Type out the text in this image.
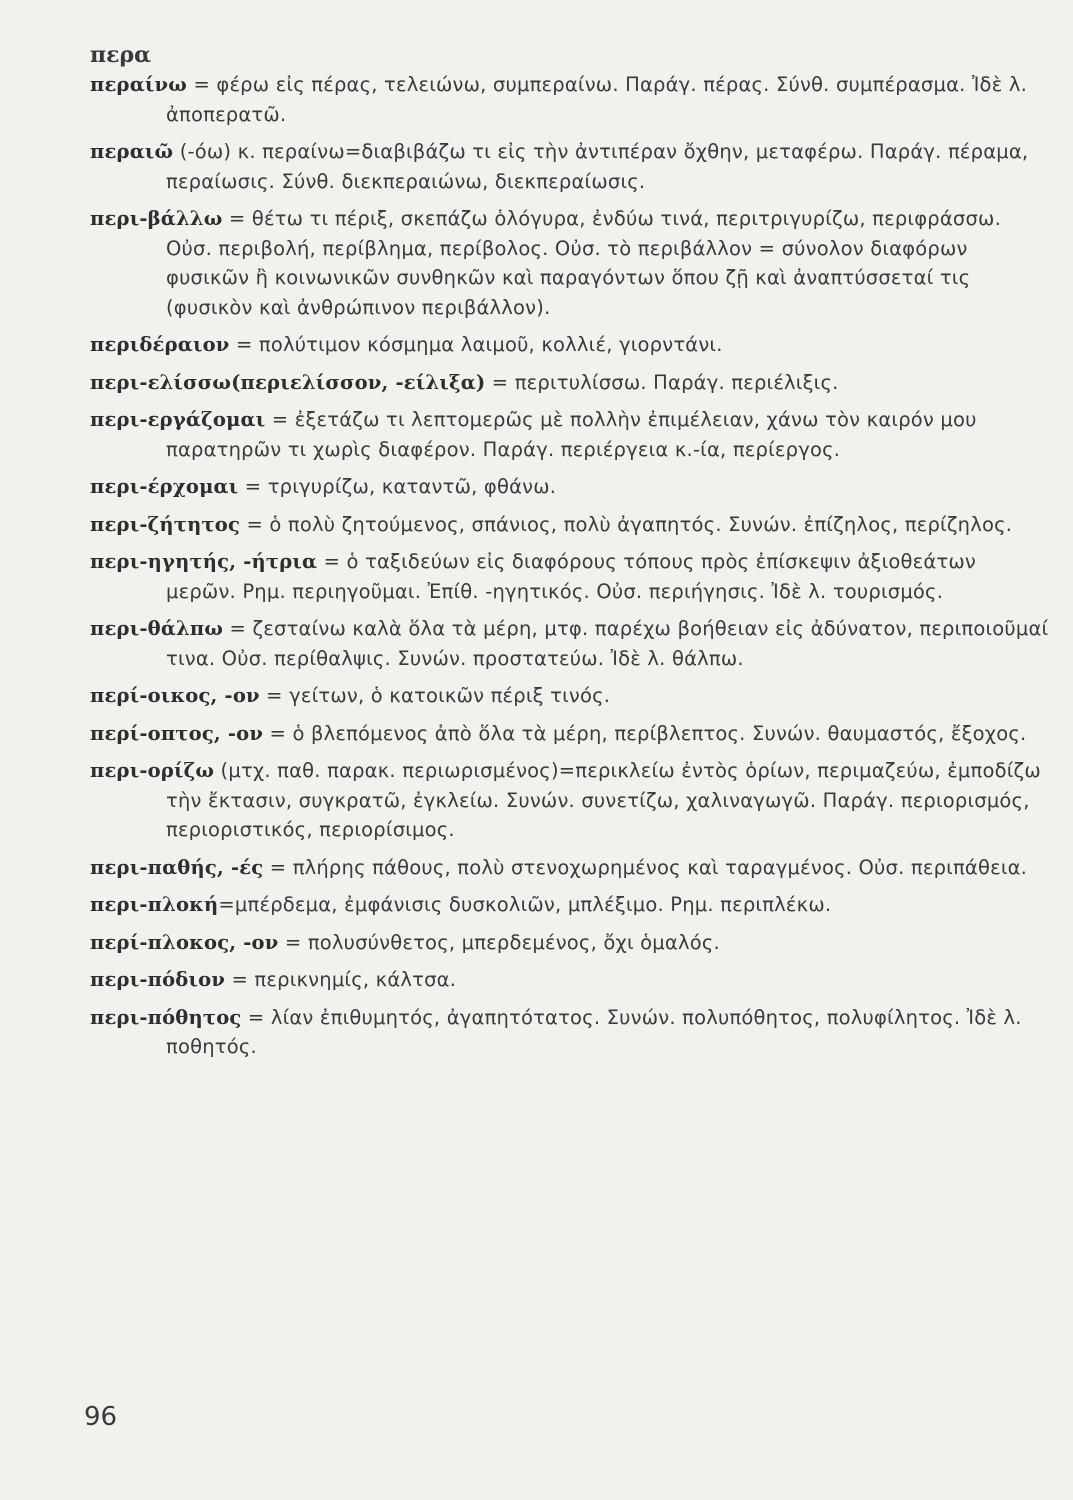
περα
περαίνω = φέρω εἰς πέρας, τελειώνω, συμπεραίνω. Παράγ. πέρας. Σύνθ. συμπέρασμα. Ἰδὲ λ. ἀποπερατῶ.
περαιῶ (-όω) κ. περαίνω=διαβιβάζω τι εἰς τὴν ἀντιπέραν ὄχθην, μεταφέρω. Παράγ. πέραμα, περαίωσις. Σύνθ. διεκπεραιώνω, διεκπεραίωσις.
περι-βάλλω = θέτω τι πέριξ, σκεπάζω ὁλόγυρα, ἐνδύω τινά, περιτριγυρίζω, περιφράσσω. Οὐσ. περιβολή, περίβλημα, περίβολος. Οὐσ. τὸ περιβάλλον = σύνολον διαφόρων φυσικῶν ἢ κοινωνικῶν συνθηκῶν καὶ παραγόντων ὅπου ζῇ καὶ ἀναπτύσσεταί τις (φυσικὸν καὶ ἀνθρώπινον περιβάλλον).
περιδέραιον = πολύτιμον κόσμημα λαιμοῦ, κολλιέ, γιορντάνι.
περι-ελίσσω(περιελίσσον, -είλιξα) = περιτυλίσσω. Παράγ. περιέλιξις.
περι-εργάζομαι = ἐξετάζω τι λεπτομερῶς μὲ πολλὴν ἐπιμέλειαν, χάνω τὸν καιρόν μου παρατηρῶν τι χωρὶς διαφέρον. Παράγ. περιέργεια κ.-ία, περίεργος.
περι-έρχομαι = τριγυρίζω, καταντῶ, φθάνω.
περι-ζήτητος = ὁ πολὺ ζητούμενος, σπάνιος, πολὺ ἀγαπητός. Συνών. ἐπίζηλος, περίζηλος.
περι-ηγητής, -ήτρια = ὁ ταξιδεύων εἰς διαφόρους τόπους πρὸς ἐπίσκεψιν ἀξιοθεάτων μερῶν. Ρημ. περιηγοῦμαι. Ἐπίθ. -ηγητικός. Οὐσ. περιήγησις. Ἰδὲ λ. τουρισμός.
περι-θάλπω = ζεσταίνω καλὰ ὅλα τὰ μέρη, μτφ. παρέχω βοήθειαν εἰς ἀδύνατον, περιποιοῦμαί τινα. Οὐσ. περίθαλψις. Συνών. προστατεύω. Ἰδὲ λ. θάλπω.
περί-οικος, -ον = γείτων, ὁ κατοικῶν πέριξ τινός.
περί-οπτος, -ον = ὁ βλεπόμενος ἀπὸ ὅλα τὰ μέρη, περίβλεπτος. Συνών. θαυμαστός, ἔξοχος.
περι-ορίζω (μτχ. παθ. παρακ. περιωρισμένος)=περικλείω ἐντὸς ὁρίων, περιμαζεύω, ἐμποδίζω τὴν ἔκτασιν, συγκρατῶ, ἐγκλείω. Συνών. συνετίζω, χαλιναγωγῶ. Παράγ. περιορισμός, περιοριστικός, περιορίσιμος.
περι-παθής, -ές = πλήρης πάθους, πολὺ στενοχωρημένος καὶ ταραγμένος. Οὐσ. περιπάθεια.
περι-πλοκή=μπέρδεμα, ἐμφάνισις δυσκολιῶν, μπλέξιμο. Ρημ. περιπλέκω.
περί-πλοκος, -ον = πολυσύνθετος, μπερδεμένος, ὄχι ὁμαλός.
περι-πόδιον = περικνημίς, κάλτσα.
περι-πόθητος = λίαν ἐπιθυμητός, ἀγαπητότατος. Συνών. πολυπόθητος, πολυφίλητος. Ἰδὲ λ. ποθητός.
96
